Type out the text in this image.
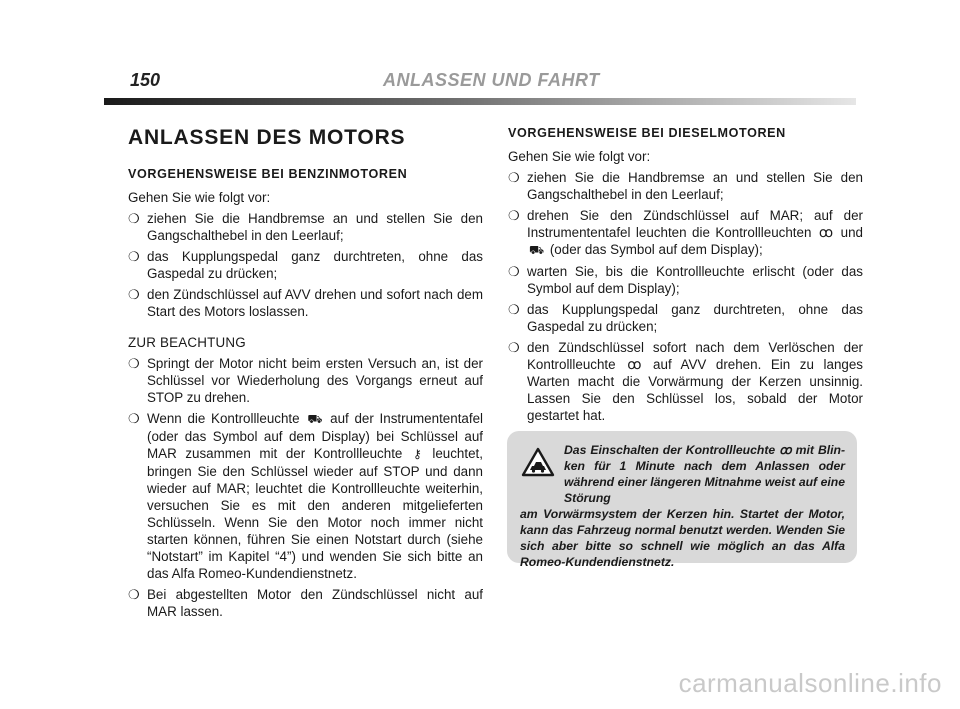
150	ANLASSEN UND FAHRT
ANLASSEN DES MOTORS
VORGEHENSWEISE BEI BENZINMOTOREN

Gehen Sie wie folgt vor:

❍ ziehen Sie die Handbremse an und stellen Sie den Gangschalthebel in den Leerlauf;
❍ das Kupplungspedal ganz durchtreten, ohne das Gaspedal zu drücken;
❍ den Zündschlüssel auf AVV drehen und sofort nach dem Start des Motors loslassen.

ZUR BEACHTUNG

❍ Springt der Motor nicht beim ersten Versuch an, ist der Schlüssel vor Wiederholung des Vorgangs erneut auf STOP zu drehen.
❍ Wenn die Kontrollleuchte ⛟ auf der Instrumententafel (oder das Symbol auf dem Display) bei Schlüssel auf MAR zusammen mit der Kontrollleuchte ⚷ leuchtet, bringen Sie den Schlüssel wieder auf STOP und dann wieder auf MAR; leuchtet die Kontrollleuchte weiterhin, versuchen Sie es mit den anderen mitgelieferten Schlüsseln. Wenn Sie den Motor noch immer nicht starten können, führen Sie einen Notstart durch (siehe “Notstart” im Kapitel “4”) und wenden Sie sich bitte an das Alfa Romeo-Kundendienstnetz.
❍ Bei abgestellten Motor den Zündschlüssel nicht auf MAR lassen.
VORGEHENSWEISE BEI DIESELMOTOREN

Gehen Sie wie folgt vor:

❍ ziehen Sie die Handbremse an und stellen Sie den Gangschalthebel in den Leerlauf;
❍ drehen Sie den Zündschlüssel auf MAR; auf der Instrumententafel leuchten die Kontrollleuchten ꝏ und ⛟ (oder das Symbol auf dem Display);
❍ warten Sie, bis die Kontrollleuchte erlischt (oder das Symbol auf dem Display);
❍ das Kupplungspedal ganz durchtreten, ohne das Gaspedal zu drücken;
❍ den Zündschlüssel sofort nach dem Verlöschen der Kontrollleuchte ꝏ auf AVV drehen. Ein zu langes Warten macht die Vorwärmung der Kerzen unsinnig. Lassen Sie den Schlüssel los, sobald der Motor gestartet hat.
Das Einschalten der Kontrollleuchte ꝏ mit Blinken für 1 Minute nach dem Anlassen oder während einer längeren Mitnahme weist auf eine Störung
am Vorwärmsystem der Kerzen hin. Startet der Motor, kann das Fahrzeug normal benutzt werden. Wenden Sie sich aber bitte so schnell wie möglich an das Alfa Romeo-Kundendienstnetz.
carmanualsonline.info
